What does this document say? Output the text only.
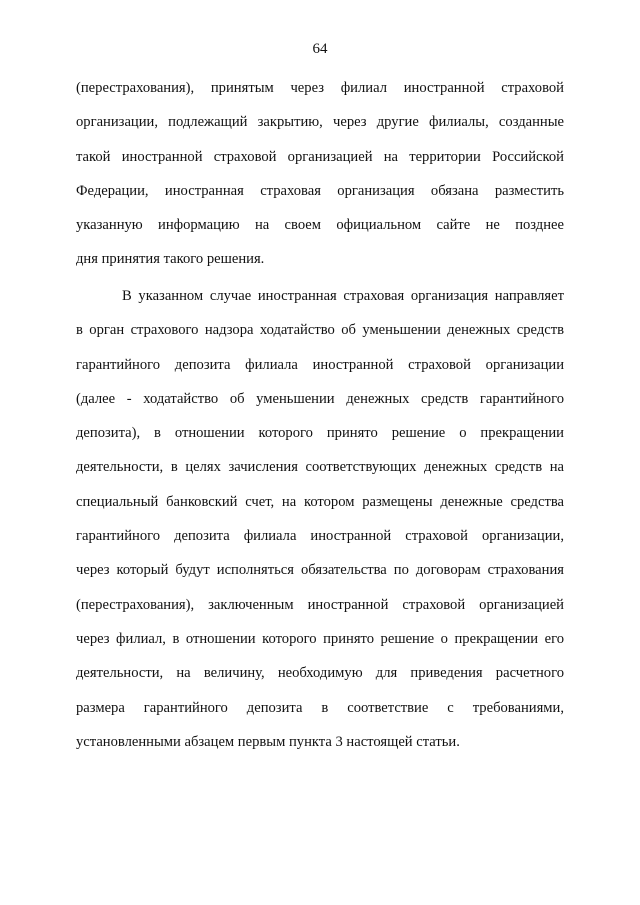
64
(перестрахования), принятым через филиал иностранной страховой
организации, подлежащий закрытию, через другие филиалы, созданные
такой иностранной страховой организацией на территории Российской
Федерации, иностранная страховая организация обязана разместить
указанную информацию на своем официальном сайте не позднее
дня принятия такого решения.
В указанном случае иностранная страховая организация направляет
в орган страхового надзора ходатайство об уменьшении денежных средств
гарантийного депозита филиала иностранной страховой организации
(далее - ходатайство об уменьшении денежных средств гарантийного
депозита), в отношении которого принято решение о прекращении
деятельности, в целях зачисления соответствующих денежных средств на
специальный банковский счет, на котором размещены денежные средства
гарантийного депозита филиала иностранной страховой организации,
через который будут исполняться обязательства по договорам страхования
(перестрахования), заключенным иностранной страховой организацией
через филиал, в отношении которого принято решение о прекращении его
деятельности, на величину, необходимую для приведения расчетного
размера гарантийного депозита в соответствие с требованиями,
установленными абзацем первым пункта 3 настоящей статьи.
